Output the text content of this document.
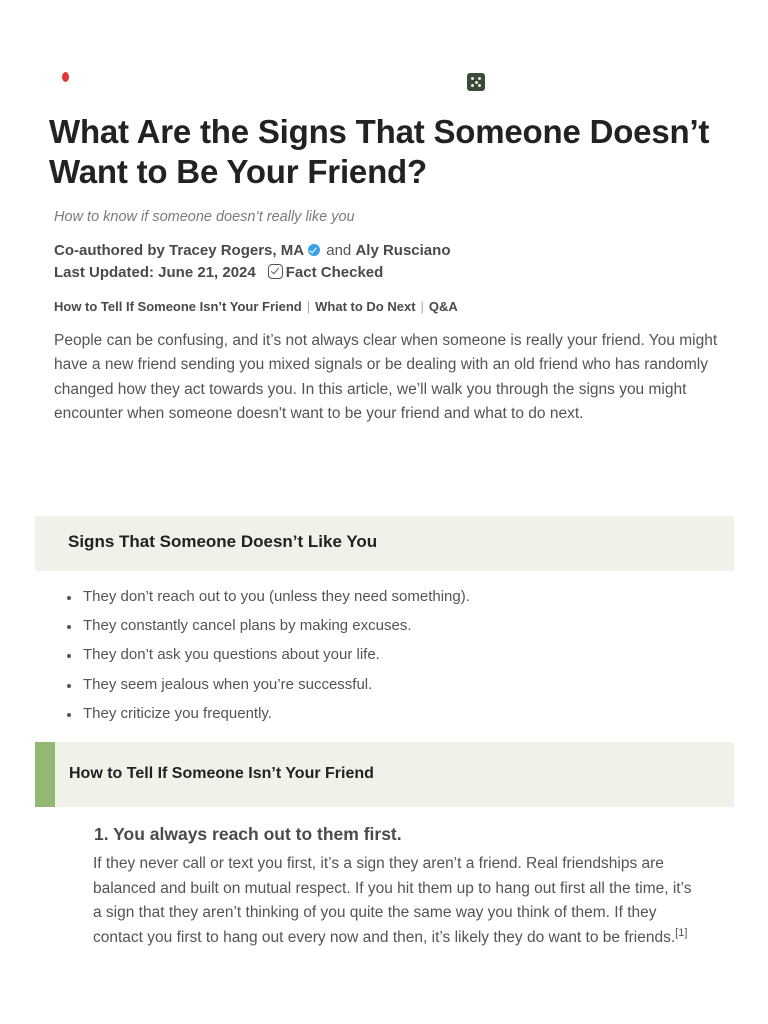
What Are the Signs That Someone Doesn’t Want to Be Your Friend?

How to know if someone doesn’t really like you

Co-authored by Tracey Rogers, MA and Aly Rusciano
Last Updated: June 21, 2024 Fact Checked
How to Tell If Someone Isn’t Your Friend | What to Do Next | Q&A

People can be confusing, and it’s not always clear when someone is really your friend. You might have a new friend sending you mixed signals or be dealing with an old friend who has randomly changed how they act towards you. In this article, we’ll walk you through the signs you might encounter when someone doesn't want to be your friend and what to do next.

Signs That Someone Doesn’t Like You
They don’t reach out to you (unless they need something).
They constantly cancel plans by making excuses.
They don’t ask you questions about your life.
They seem jealous when you’re successful.
They criticize you frequently.
How to Tell If Someone Isn’t Your Friend
1. You always reach out to them first.

If they never call or text you first, it’s a sign they aren’t a friend. Real friendships are balanced and built on mutual respect. If you hit them up to hang out first all the time, it’s a sign that they aren’t thinking of you quite the same way you think of them. If they contact you first to hang out every now and then, it’s likely they do want to be friends.[1]
